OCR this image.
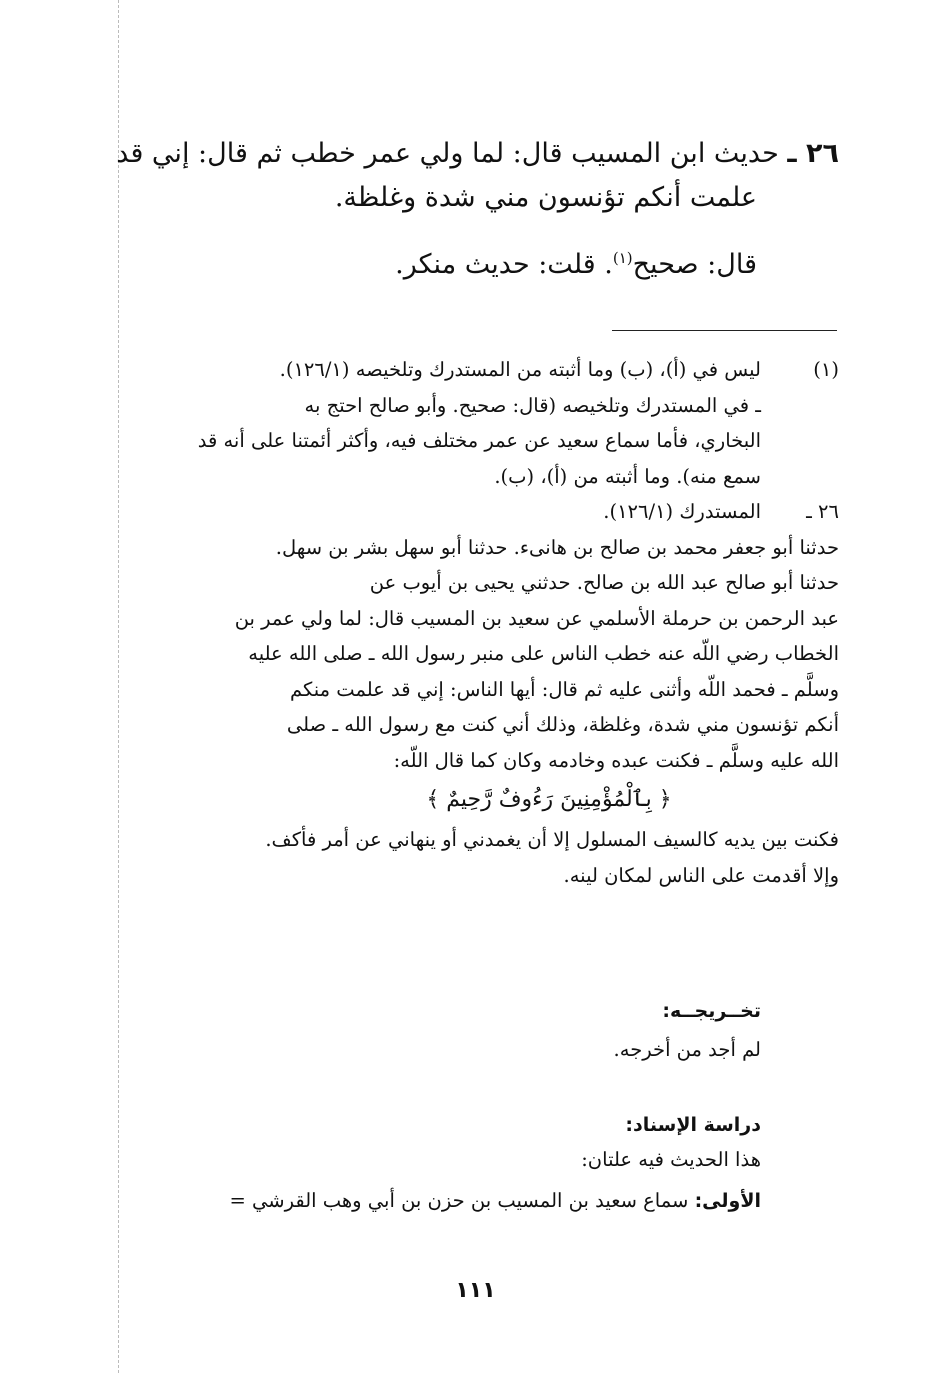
٢٦ ـ حديث ابن المسيب قال: لما ولي عمر خطب ثم قال: إني قد
علمت أنكم تؤنسون مني شدة وغلظة.
قال: صحيح$^{(١)}$. قلت: حديث منكر.
(١)ليس في (أ)، (ب) وما أثبته من المستدرك وتلخيصه (١٢٦/١).
ـ في المستدرك وتلخيصه (قال: صحيح. وأبو صالح احتج به
البخاري، فأما سماع سعيد عن عمر مختلف فيه، وأكثر أئمتنا على أنه قد
سمع منه). وما أثبته من (أ)، (ب).
٢٦ ـالمستدرك (١٢٦/١).
حدثنا أبو جعفر محمد بن صالح بن هانىء. حدثنا أبو سهل بشر بن سهل.
حدثنا أبو صالح عبد الله بن صالح. حدثني يحيى بن أيوب عن
عبد الرحمن بن حرملة الأسلمي عن سعيد بن المسيب قال: لما ولي عمر بن
الخطاب رضي اللّه عنه خطب الناس على منبر رسول الله ـ صلى الله عليه
وسلَّم ـ فحمد اللّه وأثنى عليه ثم قال: أيها الناس: إني قد علمت منكم
أنكم تؤنسون مني شدة، وغلظة، وذلك أني كنت مع رسول الله ـ صلى
الله عليه وسلَّم ـ فكنت عبده وخادمه وكان كما قال اللّه:
﴿ بِٱلْمُؤْمِنِينَ رَءُوفٌ رَّحِيمٌ ﴾
فكنت بين يديه كالسيف المسلول إلا أن يغمدني أو ينهاني عن أمر فأكف.
وإلا أقدمت على الناس لمكان لينه.
تخــريجــه:
لم أجد من أخرجه.
دراسة الإسناد:
هذا الحديث فيه علتان:
الأولى: سماع سعيد بن المسيب بن حزن بن أبي وهب القرشي =
١١١
